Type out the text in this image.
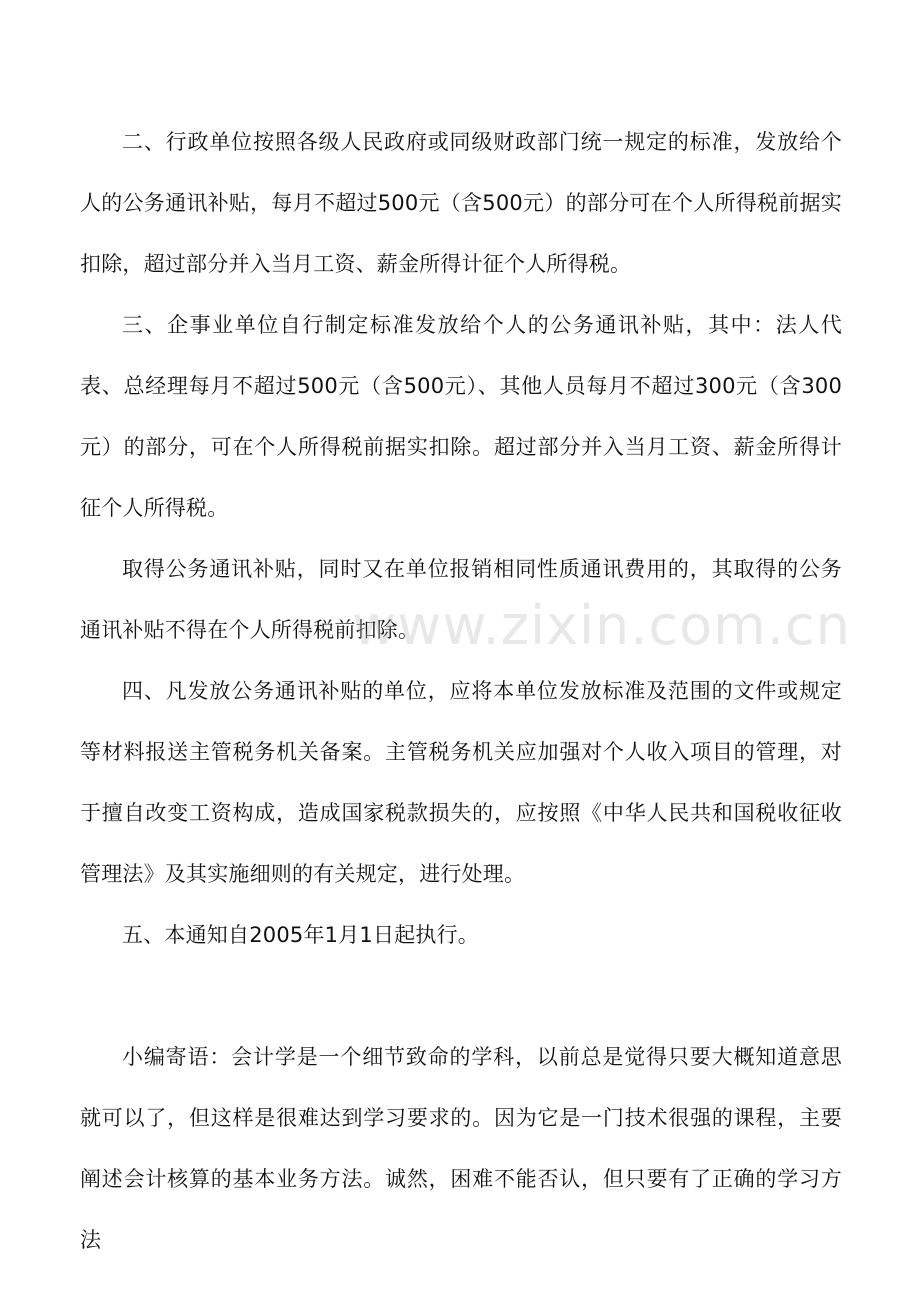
二、行政单位按照各级人民政府或同级财政部门统一规定的标准，发放给个人的公务通讯补贴，每月不超过500元（含500元）的部分可在个人所得税前据实扣除，超过部分并入当月工资、薪金所得计征个人所得税。

三、企事业单位自行制定标准发放给个人的公务通讯补贴，其中：法人代表、总经理每月不超过500元（含500元）、其他人员每月不超过300元（含300元）的部分，可在个人所得税前据实扣除。超过部分并入当月工资、薪金所得计征个人所得税。

取得公务通讯补贴，同时又在单位报销相同性质通讯费用的，其取得的公务通讯补贴不得在个人所得税前扣除。

四、凡发放公务通讯补贴的单位，应将本单位发放标准及范围的文件或规定等材料报送主管税务机关备案。主管税务机关应加强对个人收入项目的管理，对于擅自改变工资构成，造成国家税款损失的，应按照《中华人民共和国税收征收管理法》及其实施细则的有关规定，进行处理。

五、本通知自2005年1月1日起执行。

小编寄语：会计学是一个细节致命的学科，以前总是觉得只要大概知道意思就可以了，但这样是很难达到学习要求的。因为它是一门技术很强的课程，主要阐述会计核算的基本业务方法。诚然，困难不能否认，但只要有了正确的学习方法

www.zixin.com.cn
